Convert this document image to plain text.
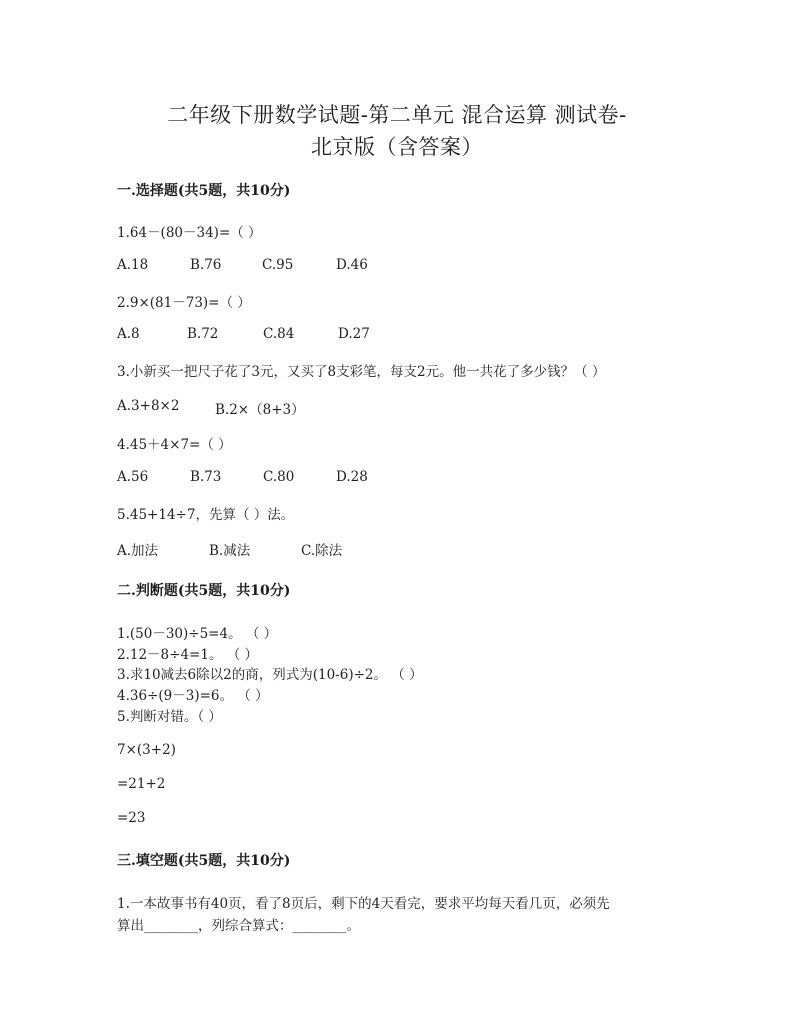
二年级下册数学试题-第二单元 混合运算 测试卷-
北京版（含答案）
一.选择题(共5题，共10分)
1.64－(80－34)=（ ）
A.18	B.76	C.95	D.46
2.9×(81－73)=（ ）
A.8	B.72	C.84	D.27
3.小新买一把尺子花了3元，又买了8支彩笔，每支2元。他一共花了多少钱？（ ）
A.3+8×2	B.2×（8+3）
4.45＋4×7=（ ）
A.56	B.73	C.80	D.28
5.45+14÷7，先算（ ）法。
A.加法	B.减法	C.除法
二.判断题(共5题，共10分)
1.(50－30)÷5=4。 （ ）
2.12－8÷4=1。 （ ）
3.求10减去6除以2的商，列式为(10-6)÷2。 （ ）
4.36÷(9－3)=6。 （ ）
5.判断对错。（ ）
7×(3+2)
=21+2
=23
三.填空题(共5题，共10分)
1.一本故事书有40页，看了8页后，剩下的4天看完，要求平均每天看几页，必须先
算出________，列综合算式：________。
